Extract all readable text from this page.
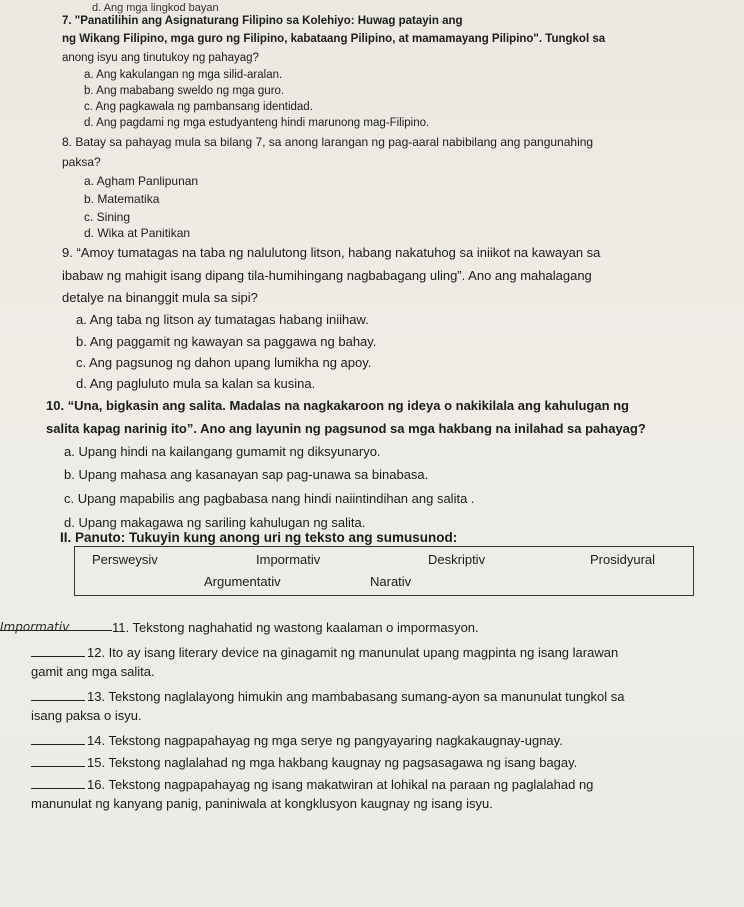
d. Ang mga lingkod bayan
7. "Panatilihin ang Asignaturang Filipino sa Kolehiyo: Huwag patayin ang
ng Wikang Filipino, mga guro ng Filipino, kabataang Pilipino, at mamamayang Pilipino". Tungkol sa
anong isyu ang tinutukoy ng pahayag?
a. Ang kakulangan ng mga silid-aralan.
b. Ang mababang sweldo ng mga guro.
c. Ang pagkawala ng pambansang identidad.
d. Ang pagdami ng mga estudyanteng hindi marunong mag-Filipino.
8. Batay sa pahayag mula sa bilang 7, sa anong larangan ng pag-aaral nabibilang ang pangunahing
paksa?
a. Agham Panlipunan
b. Matematika
c. Sining
d. Wika at Panitikan
9. “Amoy tumatagas na taba ng nalulutong litson, habang nakatuhog sa iniikot na kawayan sa
ibabaw ng mahigit isang dipang tila-humihingang nagbabagang uling”. Ano ang mahalagang
detalye na binanggit mula sa sipi?
a. Ang taba ng litson ay tumatagas habang iniihaw.
b. Ang paggamit ng kawayan sa paggawa ng bahay.
c. Ang pagsunog ng dahon upang lumikha ng apoy.
d. Ang pagluluto mula sa kalan sa kusina.
10. “Una, bigkasin ang salita. Madalas na nagkakaroon ng ideya o nakikilala ang kahulugan ng
salita kapag narinig ito”. Ano ang layunin ng pagsunod sa mga hakbang na inilahad sa pahayag?
a. Upang hindi na kailangang gumamit ng diksyunaryo.
b. Upang mahasa ang kasanayan sap pag-unawa sa binabasa.
c. Upang mapabilis ang pagbabasa nang hindi naiintindihan ang salita .
d. Upang makagawa ng sariling kahulugan ng salita.
II. Panuto: Tukuyin kung anong uri ng teksto ang sumusunod:
Persweysiv	Impormativ	Deskriptiv	Prosidyural
Argumentativ	Narativ
Impormativ	11. Tekstong naghahatid ng wastong kaalaman o impormasyon.
12. Ito ay isang literary device na ginagamit ng manunulat upang magpinta ng isang larawan
gamit ang mga salita.
13. Tekstong naglalayong himukin ang mambabasang sumang-ayon sa manunulat tungkol sa
isang paksa o isyu.
14. Tekstong nagpapahayag ng mga serye ng pangyayaring nagkakaugnay-ugnay.
15. Tekstong naglalahad ng mga hakbang kaugnay ng pagsasagawa ng isang bagay.
16. Tekstong nagpapahayag ng isang makatwiran at lohikal na paraan ng paglalahad ng
manunulat ng kanyang panig, paniniwala at kongklusyon kaugnay ng isang isyu.
